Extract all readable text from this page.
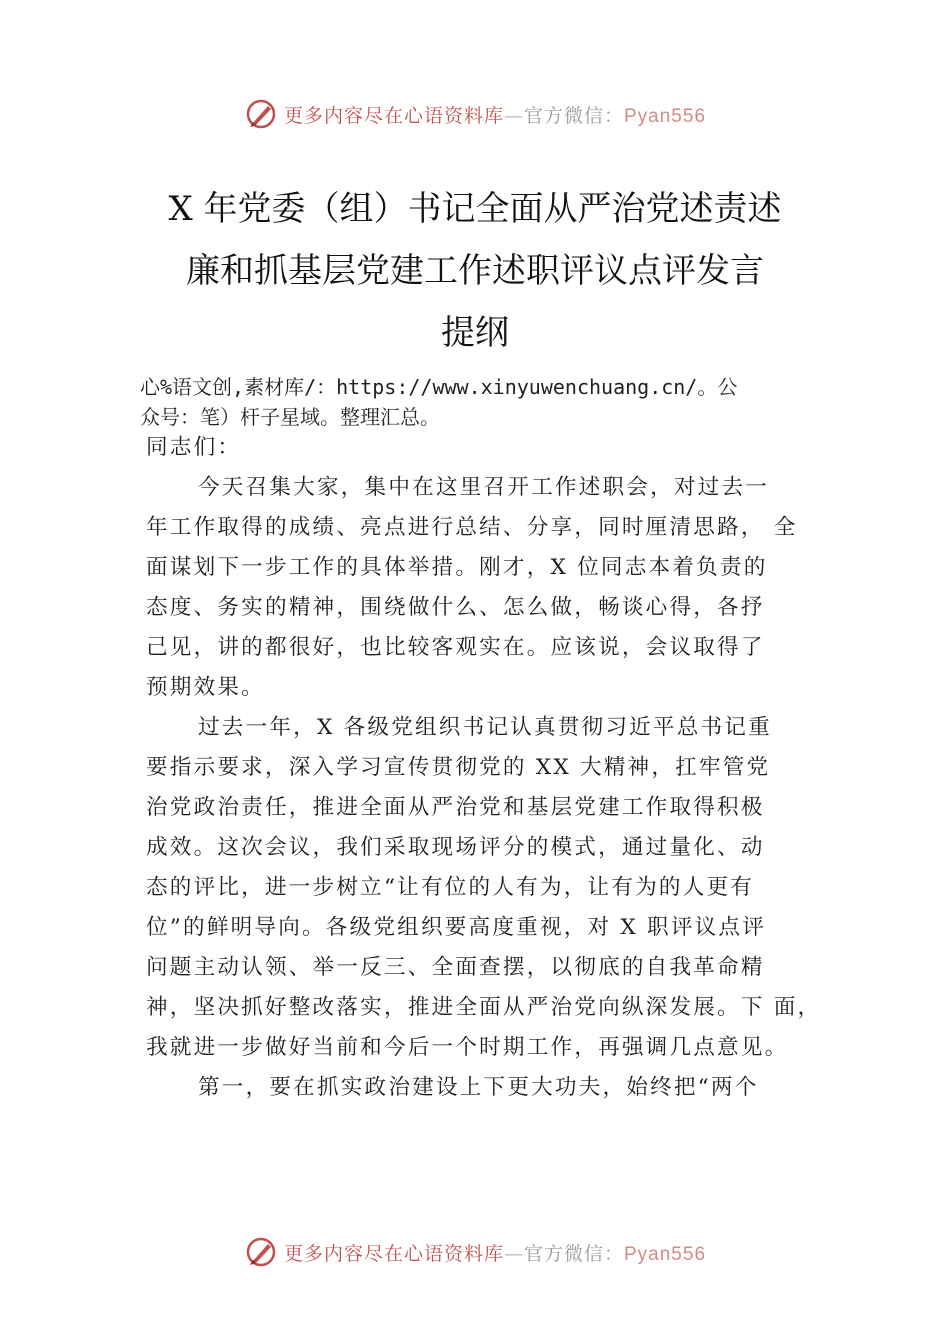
更多内容尽在心语资料库—官方微信：Pyan556
X 年党委（组）书记全面从严治党述责述
廉和抓基层党建工作述职评议点评发言
提纲
心%语文创,素材库/：https://www.xinyuwenchuang.cn/。公
众号：笔）杆子星域。整理汇总。
同志们：
今天召集大家，集中在这里召开工作述职会，对过去一
年工作取得的成绩、亮点进行总结、分享，同时厘清思路， 全
面谋划下一步工作的具体举措。刚才，X 位同志本着负责的
态度、务实的精神，围绕做什么、怎么做，畅谈心得，各抒
己见，讲的都很好，也比较客观实在。应该说，会议取得了
预期效果。
过去一年，X 各级党组织书记认真贯彻习近平总书记重
要指示要求，深入学习宣传贯彻党的 XX 大精神，扛牢管党
治党政治责任，推进全面从严治党和基层党建工作取得积极
成效。这次会议，我们采取现场评分的模式，通过量化、动
态的评比，进一步树立“让有位的人有为，让有为的人更有
位”的鲜明导向。各级党组织要高度重视，对 X 职评议点评
问题主动认领、举一反三、全面查摆，以彻底的自我革命精
神，坚决抓好整改落实，推进全面从严治党向纵深发展。下 面，
我就进一步做好当前和今后一个时期工作，再强调几点意见。
第一，要在抓实政治建设上下更大功夫，始终把“两个
更多内容尽在心语资料库—官方微信：Pyan556
